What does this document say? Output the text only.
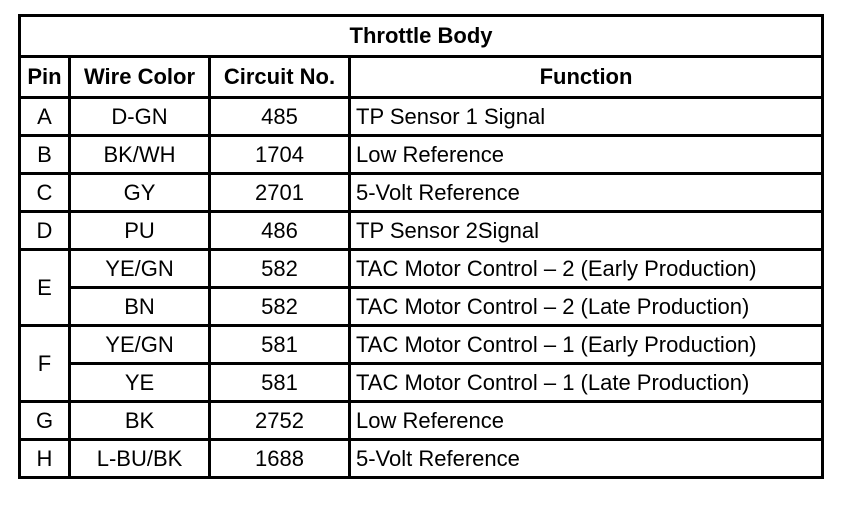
Throttle Body			
Pin	Wire Color	Circuit No.	Function
A	D-GN	485	TP Sensor 1 Signal
B	BK/WH	1704	Low Reference
C	GY	2701	5-Volt Reference
D	PU	486	TP Sensor 2Signal
E	YE/GN	582	TAC Motor Control – 2 (Early Production)
	BN	582	TAC Motor Control – 2 (Late Production)
F	YE/GN	581	TAC Motor Control – 1 (Early Production)
	YE	581	TAC Motor Control – 1 (Late Production)
G	BK	2752	Low Reference
H	L-BU/BK	1688	5-Volt Reference
